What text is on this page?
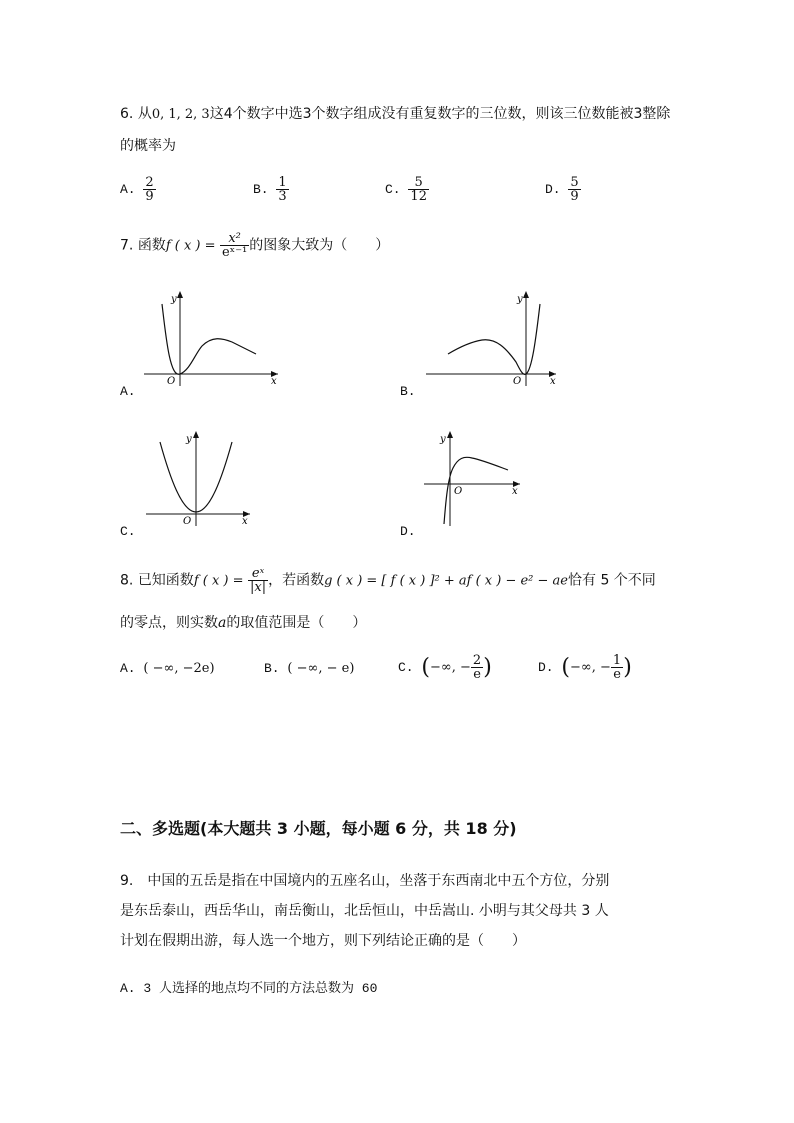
6. 从0, 1, 2, 3这4个数字中选3个数字组成没有重复数字的三位数，则该三位数能被3整除
的概率为
A. $\frac{2}{9}$	B. $\frac{1}{3}$	C. $\frac{5}{12}$	D. $\frac{5}{9}$
7. 函数f ( x ) = $\frac{\text{x²}}{\text{eˣ⁻¹}}$ 的图象大致为（　　）
y
x
O
A.
y
x
O
B.
y
x
O
C.
y
x
O
D.
8. 已知函数f ( x ) = $\frac{\text{eˣ}}{|x|}$ ，若函数g ( x ) = [ f ( x ) ]² + af ( x ) − e² − ae恰有 5 个不同
的零点，则实数a的取值范围是（　　）
A. ( −∞, −2e)	B. ( −∞, − e)	C. (−∞, − $\frac{2}{e}$ )	D. (−∞, − $\frac{1}{e}$ )
二、多选题(本大题共 3 小题，每小题 6 分，共 18 分)
9.　中国的五岳是指在中国境内的五座名山，坐落于东西南北中五个方位，分别
是东岳泰山，西岳华山，南岳衡山，北岳恒山，中岳嵩山. 小明与其父母共 3 人
计划在假期出游，每人选一个地方，则下列结论正确的是（　　）
A. 3 人选择的地点均不同的方法总数为 60
